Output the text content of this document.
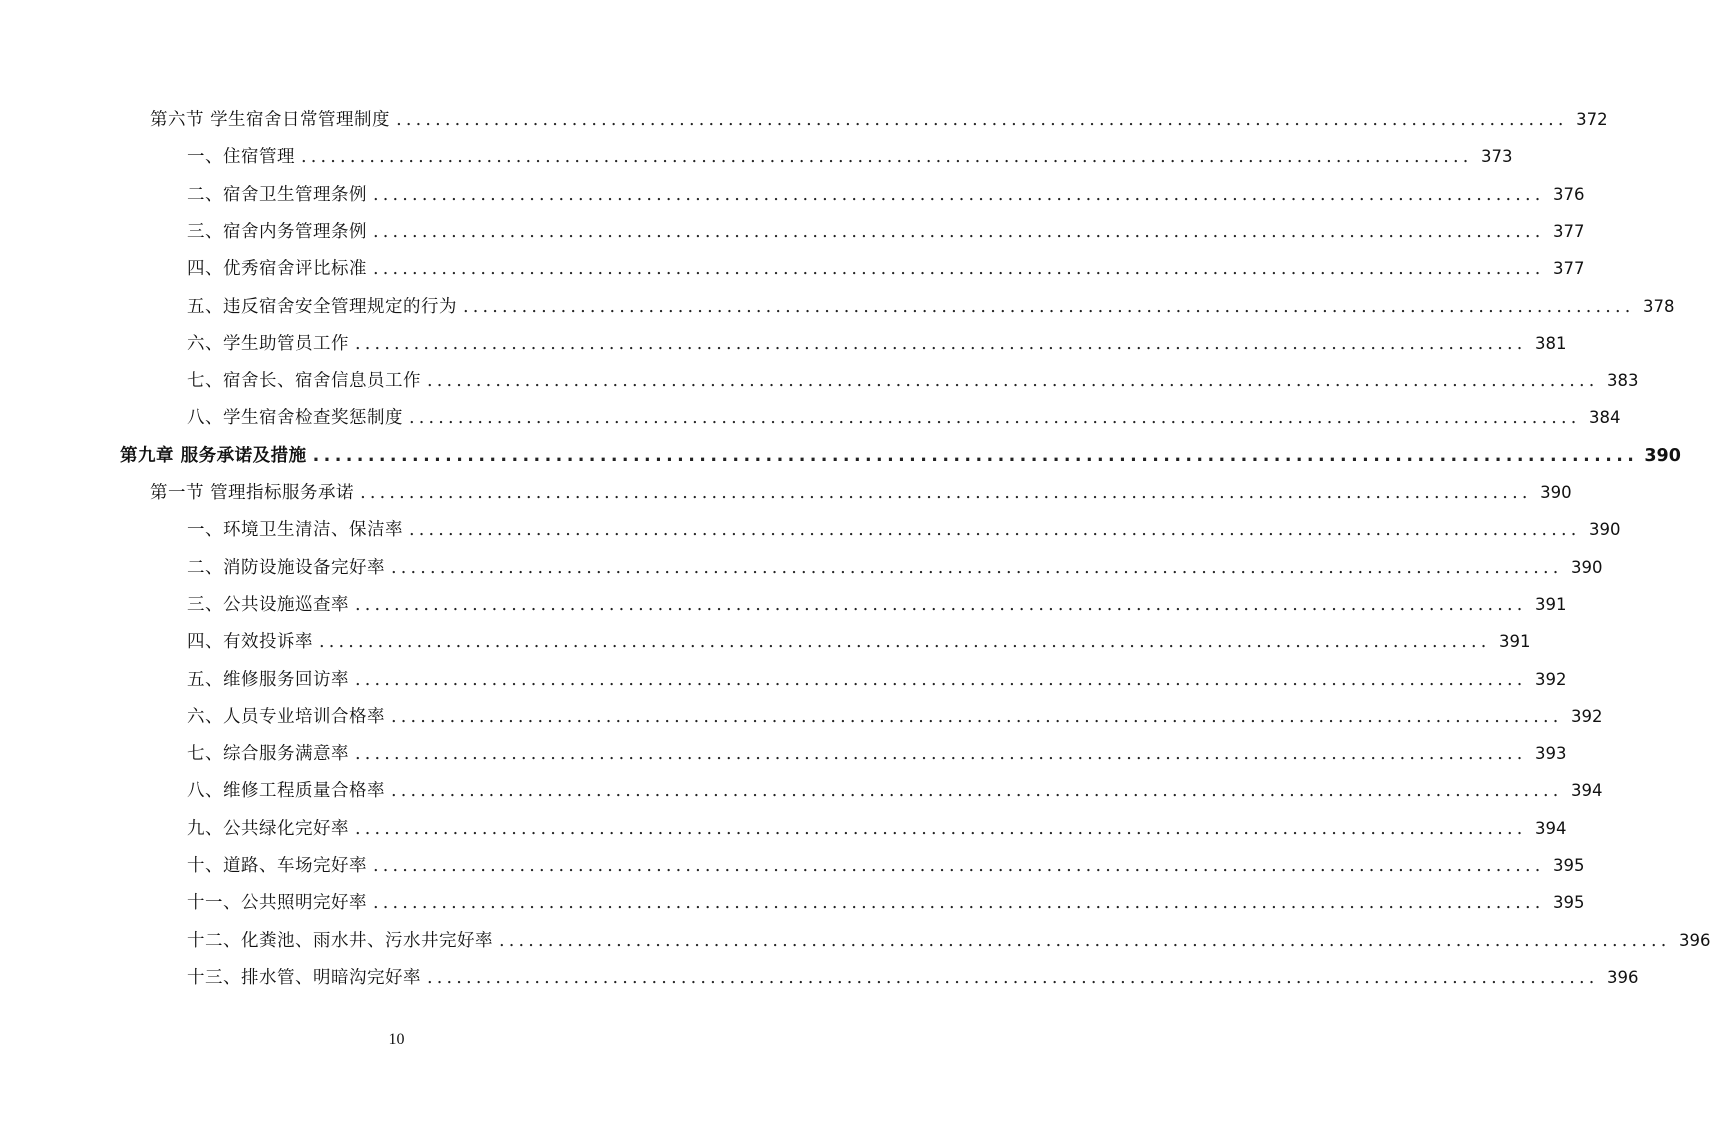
第六节 学生宿舍日常管理制度 ........................................................................................................................ 372
一、住宿管理 ........................................................................................................................ 373
二、宿舍卫生管理条例 ........................................................................................................................ 376
三、宿舍内务管理条例 ........................................................................................................................ 377
四、优秀宿舍评比标准 ........................................................................................................................ 377
五、违反宿舍安全管理规定的行为 ........................................................................................................................ 378
六、学生助管员工作 ........................................................................................................................ 381
七、宿舍长、宿舍信息员工作 ........................................................................................................................ 383
八、学生宿舍检查奖惩制度 ........................................................................................................................ 384
第九章 服务承诺及措施 ........................................................................................................................ 390
第一节 管理指标服务承诺 ........................................................................................................................ 390
一、环境卫生清洁、保洁率 ........................................................................................................................ 390
二、消防设施设备完好率 ........................................................................................................................ 390
三、公共设施巡查率 ........................................................................................................................ 391
四、有效投诉率 ........................................................................................................................ 391
五、维修服务回访率 ........................................................................................................................ 392
六、人员专业培训合格率 ........................................................................................................................ 392
七、综合服务满意率 ........................................................................................................................ 393
八、维修工程质量合格率 ........................................................................................................................ 394
九、公共绿化完好率 ........................................................................................................................ 394
十、道路、车场完好率 ........................................................................................................................ 395
十一、公共照明完好率 ........................................................................................................................ 395
十二、化粪池、雨水井、污水井完好率 ........................................................................................................................ 396
十三、排水管、明暗沟完好率 ........................................................................................................................ 396
10
